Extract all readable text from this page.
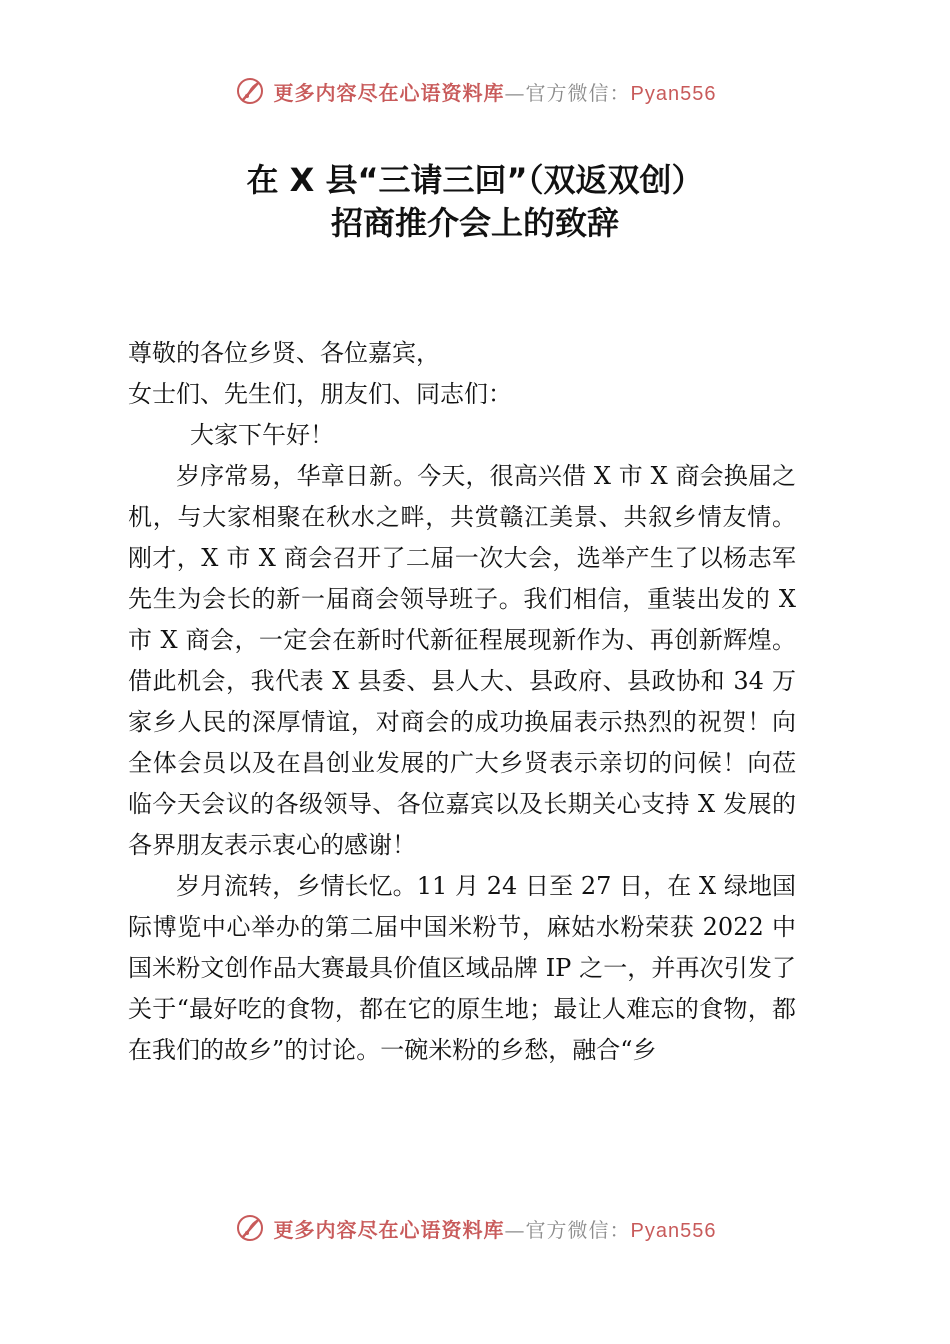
更多内容尽在心语资料库—官方微信：Pyan556
在 X 县“三请三回”（双返双创）
招商推介会上的致辞

尊敬的各位乡贤、各位嘉宾，

女士们、先生们，朋友们、同志们：

大家下午好！

岁序常易，华章日新。今天，很高兴借 X 市 X 商会换届之机，与大家相聚在秋水之畔，共赏赣江美景、共叙乡情友情。刚才，X 市 X 商会召开了二届一次大会，选举产生了以杨志军先生为会长的新一届商会领导班子。我们相信，重装出发的 X 市 X 商会，一定会在新时代新征程展现新作为、再创新辉煌。借此机会，我代表 X 县委、县人大、县政府、县政协和 34 万家乡人民的深厚情谊，对商会的成功换届表示热烈的祝贺！向全体会员以及在昌创业发展的广大乡贤表示亲切的问候！向莅临今天会议的各级领导、各位嘉宾以及长期关心支持 X 发展的各界朋友表示衷心的感谢！

岁月流转，乡情长忆。11 月 24 日至 27 日，在 X 绿地国际博览中心举办的第二届中国米粉节，麻姑水粉荣获 2022 中国米粉文创作品大赛最具价值区域品牌 IP 之一，并再次引发了关于“最好吃的食物，都在它的原生地；最让人难忘的食物，都在我们的故乡”的讨论。一碗米粉的乡愁，融合“乡

更多内容尽在心语资料库—官方微信：Pyan556
